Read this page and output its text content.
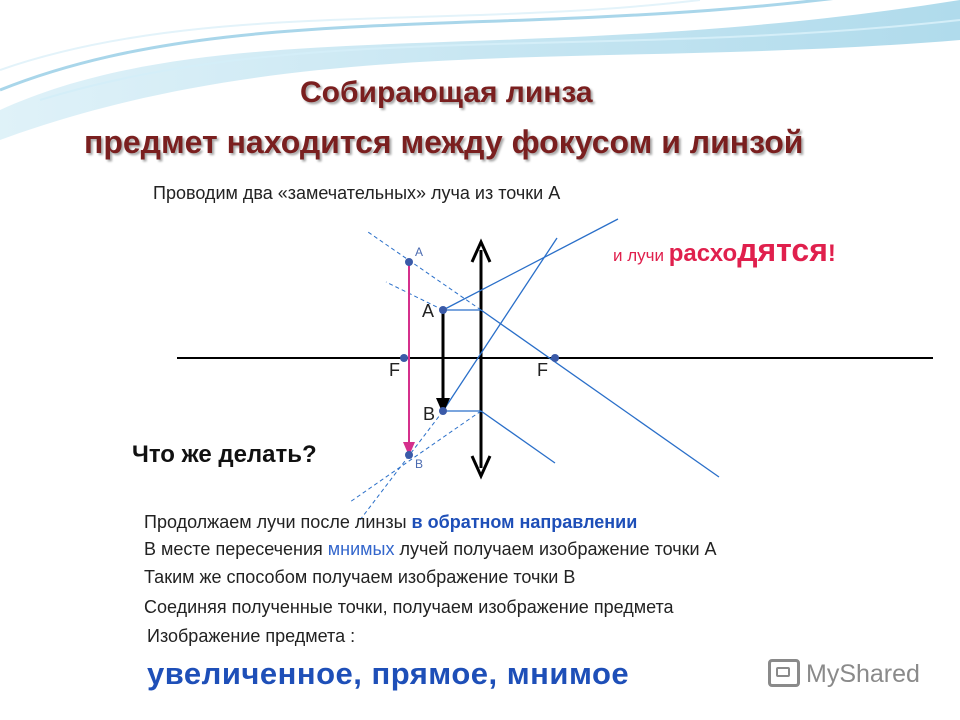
Собирающая линза
предмет находится между фокусом и линзой
Проводим два «замечательных» луча из точки А
и лучи расходятся!
А
В
А
В
F	F
Что же делать?
Продолжаем лучи после линзы в обратном направлении
В месте пересечения мнимых лучей получаем изображение точки А
Таким же способом получаем изображение точки В
Соединяя полученные точки, получаем изображение предмета
Изображение предмета :
увеличенное, прямое, мнимое	MyShared
